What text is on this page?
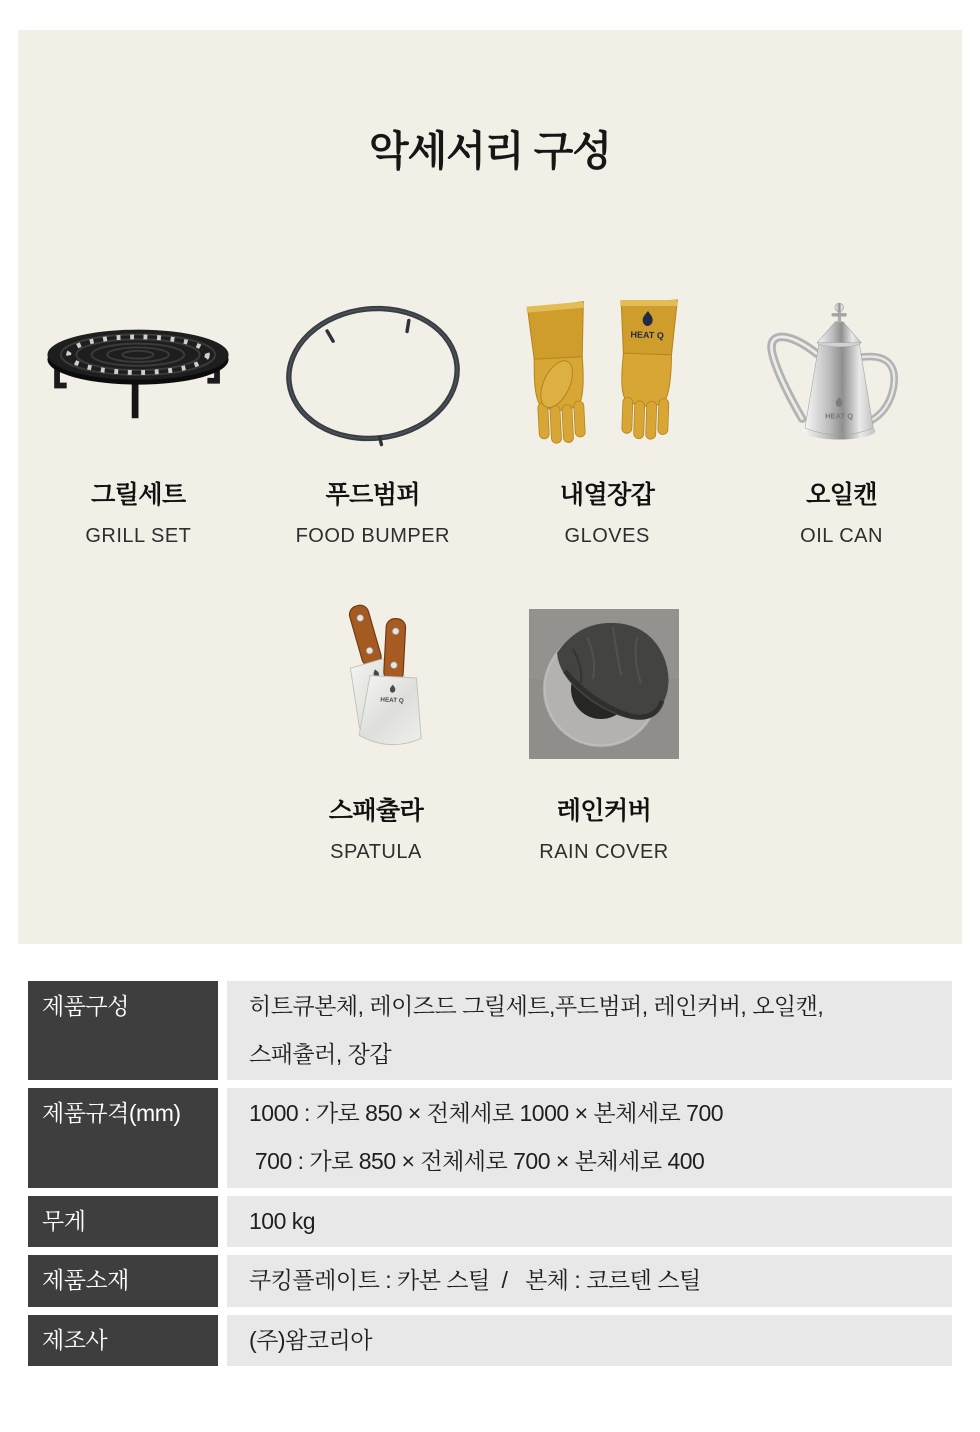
악세서리 구성
그릴세트
GRILL SET
푸드범퍼
FOOD BUMPER
HEAT Q
내열장갑
GLOVES
HEAT Q
오일캔
OIL CAN
HEAT Q
스패츌라
SPATULA
레인커버
RAIN COVER
제품구성	히트큐본체, 레이즈드 그릴세트,푸드범퍼, 레인커버, 오일캔,
스패츌러, 장갑
제품규격(mm)	1000 : 가로 850 × 전체세로 1000 × 본체세로 700
700 : 가로 850 × 전체세로 700 × 본체세로 400
무게	100 kg
제품소재	쿠킹플레이트 : 카본 스틸  /   본체 : 코르텐 스틸
제조사	(주)왐코리아
